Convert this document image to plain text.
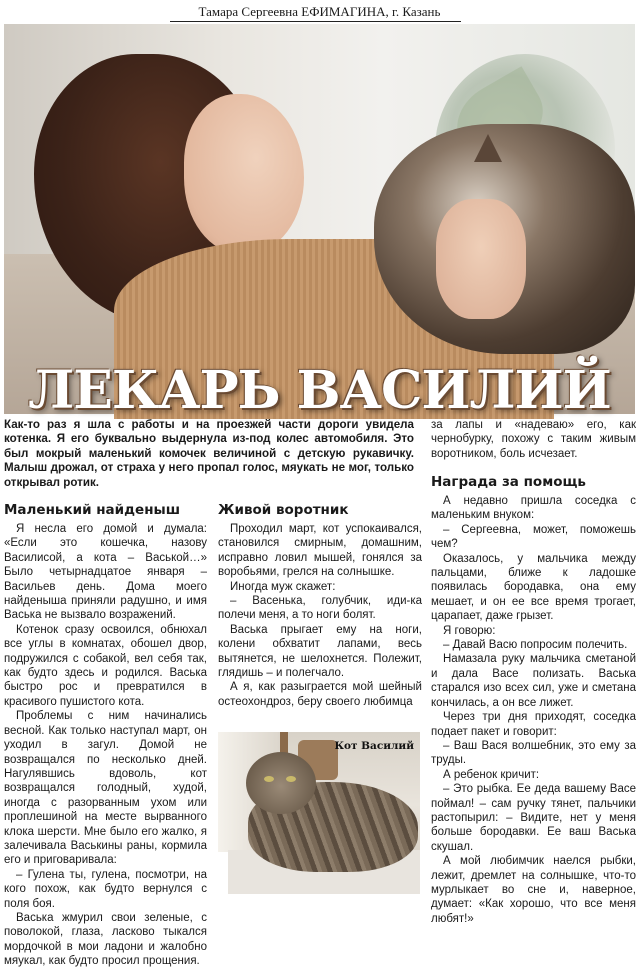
Тамара Сергеевна ЕФИМАГИНА, г. Казань
ЛЕКАРЬ ВАСИЛИЙ
Как-то раз я шла с работы и на проезжей части дороги увидела котенка. Я его буквально выдернула из-под колес автомобиля. Это был мокрый маленький комочек величиной с детскую рукавичку. Малыш дрожал, от страха у него пропал голос, мяукать не мог, только открывал ротик.
Маленький найденыш

Я несла его домой и думала: «Если это кошечка, назову Василисой, а кота – Васькой…» Было четырнадцатое января – Васильев день. Дома моего найденыша приняли радушно, и имя Васька не вызвало возражений.

Котенок сразу освоился, обнюхал все углы в комнатах, обошел двор, подружился с собакой, вел себя так, как будто здесь и родился. Васька быстро рос и превратился в красивого пушистого кота.

Проблемы с ним начинались весной. Как только наступал март, он уходил в загул. Домой не возвращался по несколько дней. Нагулявшись вдоволь, кот возвращался голодный, худой, иногда с разорванным ухом или проплешиной на месте вырванного клока шерсти. Мне было его жалко, я залечивала Васькины раны, кормила его и приговаривала:

– Гулена ты, гулена, посмотри, на кого похож, как будто вернулся с поля боя.

Васька жмурил свои зеленые, с поволокой, глаза, ласково тыкался мордочкой в мои ладони и жалобно мяукал, как будто просил прощения.

Живой воротник

Проходил март, кот успокаивался, становился смирным, домашним, исправно ловил мышей, гонялся за воробьями, грелся на солнышке.

Иногда муж скажет:

– Васенька, голубчик, иди-ка полечи меня, а то ноги болят.

Васька прыгает ему на ноги, колени обхватит лапами, весь вытянется, не шелохнется. Полежит, глядишь – и полегчало.

А я, как разыграется мой шейный остеохондроз, беру своего любимца

Кот Василий

за лапы и «надеваю» его, как чернобурку, похожу с таким живым воротником, боль исчезает.

Награда за помощь

А недавно пришла соседка с маленьким внуком:

– Сергеевна, может, поможешь чем?

Оказалось, у мальчика между пальцами, ближе к ладошке появилась бородавка, она ему мешает, и он ее все время трогает, царапает, даже грызет.

Я говорю:

– Давай Васю попросим полечить.

Намазала руку мальчика сметаной и дала Васе полизать. Васька старался изо всех сил, уже и сметана кончилась, а он все лижет.

Через три дня приходят, соседка подает пакет и говорит:

– Ваш Вася волшебник, это ему за труды.

А ребенок кричит:

– Это рыбка. Ее деда вашему Васе поймал! – сам ручку тянет, пальчики растопырил: – Видите, нет у меня больше бородавки. Ее ваш Васька скушал.

А мой любимчик наелся рыбки, лежит, дремлет на солнышке, что-то мурлыкает во сне и, наверное, думает: «Как хорошо, что все меня любят!»
